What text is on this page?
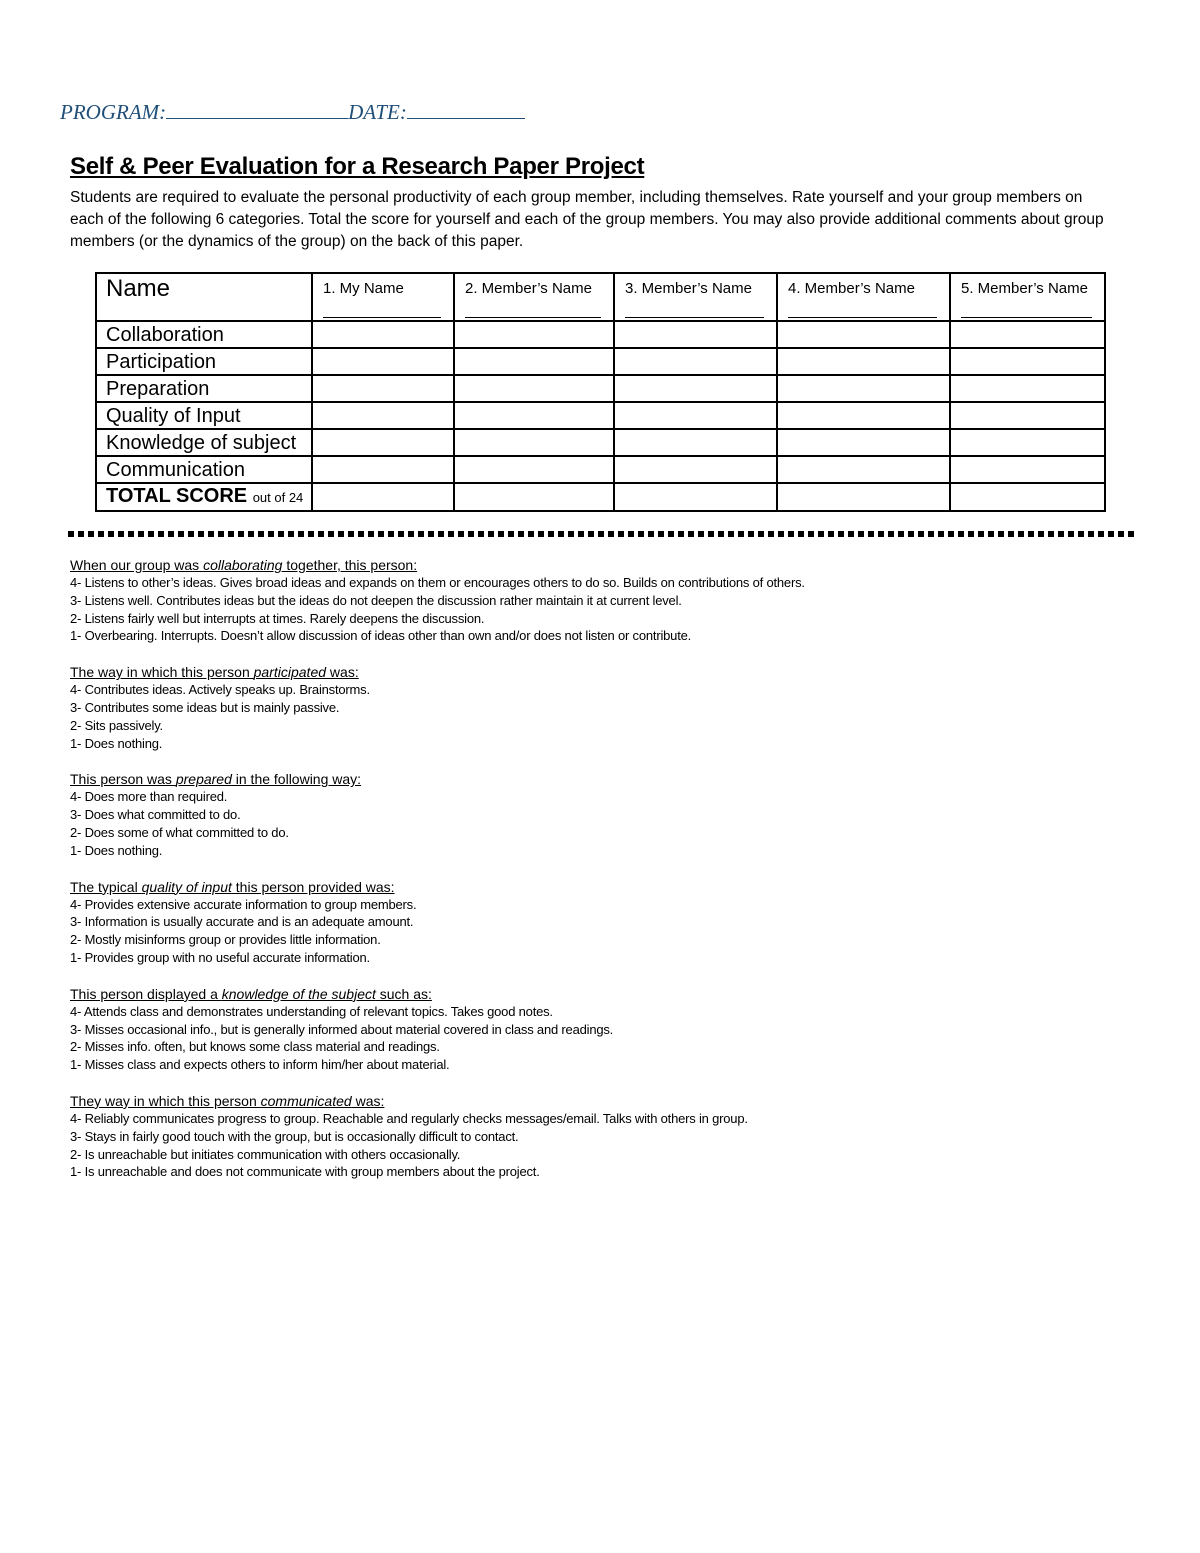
PROGRAM:	DATE:
Self & Peer Evaluation for a Research Paper Project
Students are required to evaluate the personal productivity of each group member, including themselves. Rate yourself and your group members on each of the following 6 categories. Total the score for yourself and each of the group members. You may also provide additional comments about group members (or the dynamics of the group) on the back of this paper.
Name	1. My Name	2. Member’s Name	3. Member’s Name	4. Member’s Name	5. Member’s Name

Collaboration					
Participation					
Preparation					
Quality of Input					
Knowledge of subject					
Communication					
TOTAL SCORE out of 24					
When our group was collaborating together, this person:
4- Listens to other’s ideas. Gives broad ideas and expands on them or encourages others to do so. Builds on contributions of others.
3- Listens well. Contributes ideas but the ideas do not deepen the discussion rather maintain it at current level.
2- Listens fairly well but interrupts at times. Rarely deepens the discussion.
1- Overbearing. Interrupts. Doesn’t allow discussion of ideas other than own and/or does not listen or contribute.
The way in which this person participated was:
4- Contributes ideas. Actively speaks up. Brainstorms.
3- Contributes some ideas but is mainly passive.
2- Sits passively.
1- Does nothing.
This person was prepared in the following way:
4- Does more than required.
3- Does what committed to do.
2- Does some of what committed to do.
1- Does nothing.
The typical quality of input this person provided was:
4- Provides extensive accurate information to group members.
3- Information is usually accurate and is an adequate amount.
2- Mostly misinforms group or provides little information.
1- Provides group with no useful accurate information.
This person displayed a knowledge of the subject such as:
4- Attends class and demonstrates understanding of relevant topics. Takes good notes.
3- Misses occasional info., but is generally informed about material covered in class and readings.
2- Misses info. often, but knows some class material and readings.
1- Misses class and expects others to inform him/her about material.
They way in which this person communicated was:
4- Reliably communicates progress to group. Reachable and regularly checks messages/email. Talks with others in group.
3- Stays in fairly good touch with the group, but is occasionally difficult to contact.
2- Is unreachable but initiates communication with others occasionally.
1- Is unreachable and does not communicate with group members about the project.
